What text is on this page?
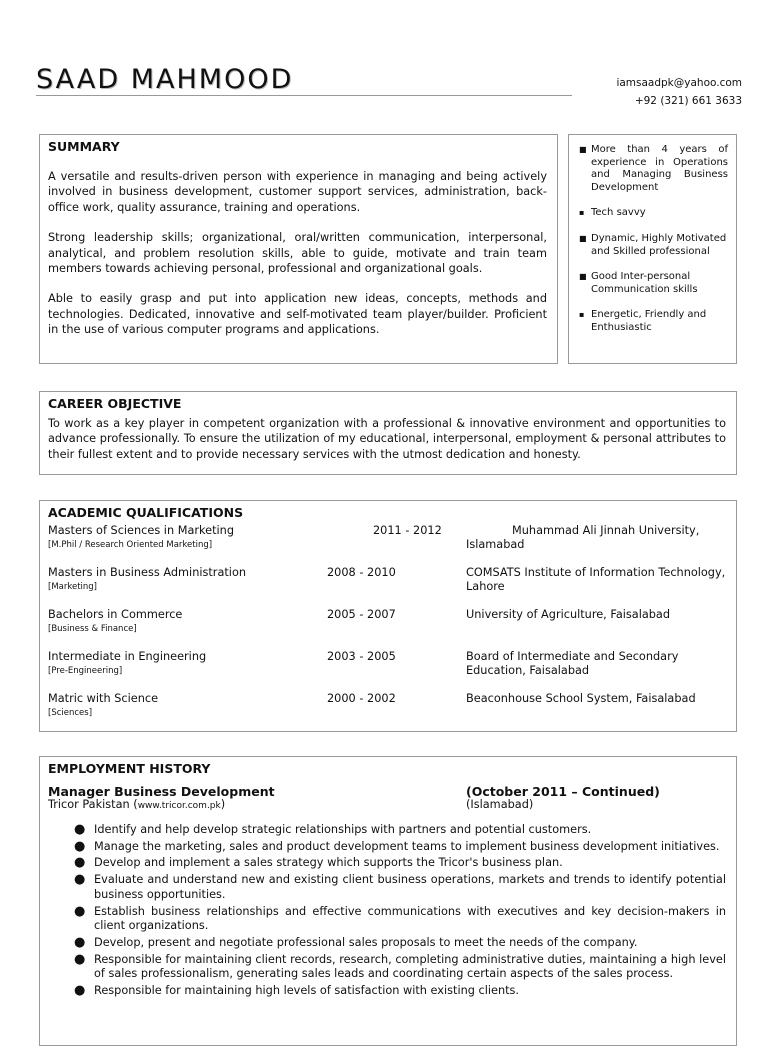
SAAD MAHMOOD	iamsaadpk@yahoo.com
+92 (321) 661 3633

SUMMARY

A versatile and results-driven person with experience in managing and being actively involved in business development, customer support services, administration, back-office work, quality assurance, training and operations.

Strong leadership skills; organizational, oral/written communication, interpersonal, analytical, and problem resolution skills, able to guide, motivate and train team members towards achieving personal, professional and organizational goals.

Able to easily grasp and put into application new ideas, concepts, methods and technologies. Dedicated, innovative and self-motivated team player/builder. Proficient in the use of various computer programs and applications.

■ More than 4 years of experience in Operations and Managing Business Development
▪ Tech savvy
■ Dynamic, Highly Motivated and Skilled professional
■ Good Inter-personal Communication skills
▪ Energetic, Friendly and Enthusiastic

CAREER OBJECTIVE

To work as a key player in competent organization with a professional & innovative environment and opportunities to advance professionally. To ensure the utilization of my educational, interpersonal, employment & personal attributes to their fullest extent and to provide necessary services with the utmost dedication and honesty.

ACADEMIC QUALIFICATIONS

Masters of Sciences in Marketing
[M.Phil / Research Oriented Marketing]
2011 - 2012	Muhammad Ali Jinnah University, Islamabad
Masters in Business Administration
[Marketing]
2008 - 2010	COMSATS Institute of Information Technology, Lahore
Bachelors in Commerce
[Business & Finance]
2005 - 2007	University of Agriculture, Faisalabad
Intermediate in Engineering
[Pre-Engineering]
2003 - 2005	Board of Intermediate and Secondary Education, Faisalabad
Matric with Science
[Sciences]
2000 - 2002	Beaconhouse School System, Faisalabad

EMPLOYMENT HISTORY

Manager Business Development
Tricor Pakistan (www.tricor.com.pk)
(October 2011 – Continued)
(Islamabad)
● Identify and help develop strategic relationships with partners and potential customers.
● Manage the marketing, sales and product development teams to implement business development initiatives.
● Develop and implement a sales strategy which supports the Tricor's business plan.
● Evaluate and understand new and existing client business operations, markets and trends to identify potential business opportunities.
● Establish business relationships and effective communications with executives and key decision-makers in client organizations.
● Develop, present and negotiate professional sales proposals to meet the needs of the company.
● Responsible for maintaining client records, research, completing administrative duties, maintaining a high level of sales professionalism, generating sales leads and coordinating certain aspects of the sales process.
● Responsible for maintaining high levels of satisfaction with existing clients.
